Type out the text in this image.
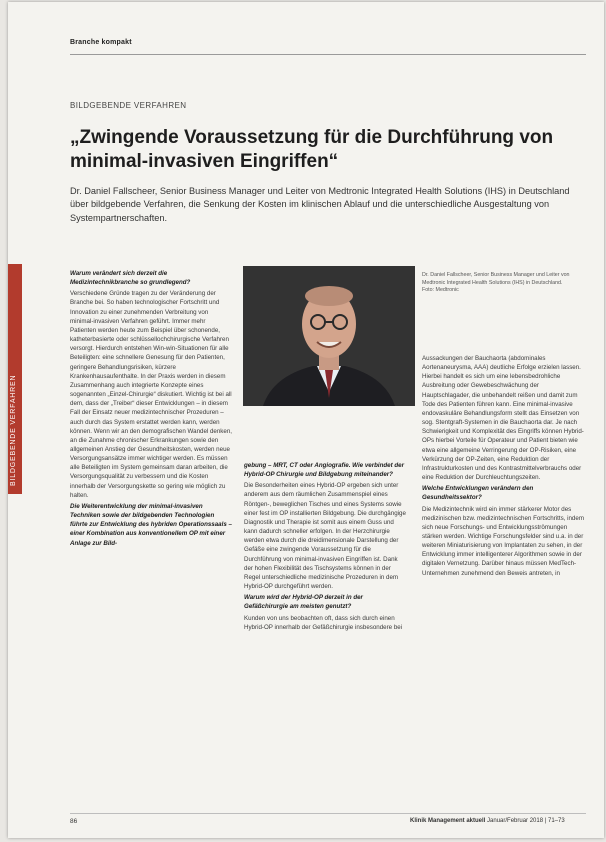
Branche kompakt
BILDGEBENDE VERFAHREN
BILDGEBENDE VERFAHREN
„Zwingende Voraussetzung für die Durchführung von minimal-invasiven Eingriffen“

Dr. Daniel Fallscheer, Senior Business Manager und Leiter von Medtronic Integrated Health Solutions (IHS) in Deutschland über bildgebende Verfahren, die Senkung der Kosten im klinischen Ablauf und die unterschiedliche Ausgestaltung von Systempartnerschaften.

Warum verändert sich derzeit die Medizintechnikbranche so grundlegend?

Verschiedene Gründe tragen zu der Veränderung der Branche bei. So haben technologischer Fortschritt und Innovation zu einer zunehmenden Verbreitung von minimal-invasiven Verfahren geführt. Immer mehr Patienten werden heute zum Beispiel über schonende, katheterbasierte oder schlüssellochchirurgische Verfahren versorgt. Hierdurch entstehen Win-win-Situationen für alle Beteiligten: eine schnellere Genesung für den Patienten, geringere Behandlungsrisiken, kürzere Krankenhausaufenthalte. In der Praxis werden in diesem Zusammenhang auch integrierte Konzepte eines sogenannten „Einzel-Chirurgie“ diskutiert. Wichtig ist bei all dem, dass der „Treiber“ dieser Entwicklungen – in diesem Fall der Einsatz neuer medizintechnischer Prozeduren – auch durch das System erstattet werden kann, werden können. Wenn wir an den demografischen Wandel denken, an die Zunahme chronischer Erkrankungen sowie den allgemeinen Anstieg der Gesundheitskosten, werden neue Versorgungsansätze immer wichtiger werden. Es müssen alle Beteiligten im System gemeinsam daran arbeiten, die Versorgungsqualität zu verbessern und die Kosten innerhalb der Versorgungskette so gering wie möglich zu halten.

Die Weiterentwicklung der minimal-invasiven Techniken sowie der bildgebenden Technologien führte zur Entwicklung des hybriden Operationssaals – einer Kombination aus konventionellem OP mit einer Anlage zur Bild-

Dr. Daniel Fallscheer, Senior Business Manager und Leiter von Medtronic Integrated Health Solutions (IHS) in Deutschland.
Foto: Medtronic

gebung – MRT, CT oder Angiografie. Wie verbindet der Hybrid-OP Chirurgie und Bildgebung miteinander?

Die Besonderheiten eines Hybrid-OP ergeben sich unter anderem aus dem räumlichen Zusammenspiel eines Röntgen-, beweglichen Tisches und eines Systems sowie einer fest im OP installierten Bildgebung. Die durchgängige Diagnostik und Therapie ist somit aus einem Guss und kann dadurch schneller erfolgen. In der Herzchirurgie werden etwa durch die dreidimensionale Darstellung der Gefäße eine zwingende Voraussetzung für die Durchführung von minimal-invasiven Eingriffen ist. Dank der hohen Flexibilität des Tischsystems können in der Regel unterschiedliche medizinische Prozeduren in dem Hybrid-OP durchgeführt werden.

Warum wird der Hybrid-OP derzeit in der Gefäßchirurgie am meisten genutzt?

Kunden von uns beobachten oft, dass sich durch einen Hybrid-OP innerhalb der Gefäßchirurgie insbesondere bei

Aussackungen der Bauchaorta (abdominales Aortenaneurysma, AAA) deutliche Erfolge erzielen lassen. Hierbei handelt es sich um eine lebensbedrohliche Ausbreitung oder Gewebeschwächung der Hauptschlagader, die unbehandelt reißen und damit zum Tode des Patienten führen kann. Eine minimal-invasive endovaskuläre Behandlungsform stellt das Einsetzen von sog. Stentgraft-Systemen in die Bauchaorta dar. Je nach Schwierigkeit und Komplexität des Eingriffs können Hybrid-OPs hierbei Vorteile für Operateur und Patient bieten wie etwa eine allgemeine Verringerung der OP-Risiken, eine Verkürzung der OP-Zeiten, eine Reduktion der Infrastrukturkosten und des Kontrastmittelverbrauchs oder eine Reduktion der Durchleuchtungszeiten.

Welche Entwicklungen verändern den Gesundheitssektor?

Die Medizintechnik wird ein immer stärkerer Motor des medizinischen bzw. medizintechnischen Fortschritts, indem sich neue Forschungs- und Entwicklungsströmungen stärken werden. Wichtige Forschungsfelder sind u.a. in der weiteren Miniaturisierung von Implantaten zu sehen, in der Entwicklung immer intelligenterer Algorithmen sowie in der digitalen Vernetzung. Darüber hinaus müssen MedTech-Unternehmen zunehmend den Beweis antreten, in

86	Klinik Management aktuell Januar/Februar 2018 | 71–73
